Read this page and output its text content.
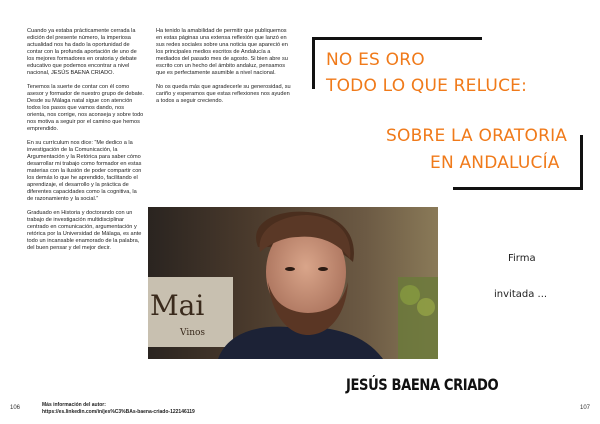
Cuando ya estaba prácticamente cerrada la edición del presente número, la imperiosa actualidad nos ha dado la oportunidad de contar con la profunda aportación de uno de los mejores formadores en oratoria y debate educativo que podemos encontrar a nivel nacional, JESÚS BAENA CRIADO.

Tenemos la suerte de contar con él como asesor y formador de nuestro grupo de debate. Desde su Málaga natal sigue con atención todos los pasos que vamos dando, nos orienta, nos corrige, nos aconseja y sobre todo nos motiva a seguir por el camino que hemos emprendido.

En su currículum nos dice: “Me dedico a la investigación de la Comunicación, la Argumentación y la Retórica para saber cómo desarrollar mi trabajo como formador en estas materias con la ilusión de poder compartir con los demás lo que he aprendido, facilitando el aprendizaje, el desarrollo y la práctica de diferentes capacidades como la cognitiva, la de razonamiento y la social.”

Graduado en Historia y doctorando con un trabajo de investigación multidisciplinar centrado en comunicación, argumentación y retórica por la Universidad de Málaga, es ante todo un incansable enamorado de la palabra, del buen pensar y del mejor decir.

Ha tenido la amabilidad de permitir que publiquemos en estas páginas una extensa reflexión que lanzó en sus redes sociales sobre una noticia que apareció en los principales medios escritos de Andalucía a mediados del pasado mes de agosto. Si bien abre su escrito con un hecho del ámbito andaluz, pensamos que es perfectamente asumible a nivel nacional.

No os queda más que agradecerle su generosidad, su cariño y esperamos que estas reflexiones nos ayuden a todos a seguir creciendo.

NO ES ORO
TODO LO QUE RELUCE:
SOBRE LA ORATORIA
EN ANDALUCÍA
Mai
Vinos
Firma
invitada ...
JESÚS BAENA CRIADO
106	Más información del autor:
https://es.linkedin.com/in/jes%C3%BAs-baena-criado-122146119
107
